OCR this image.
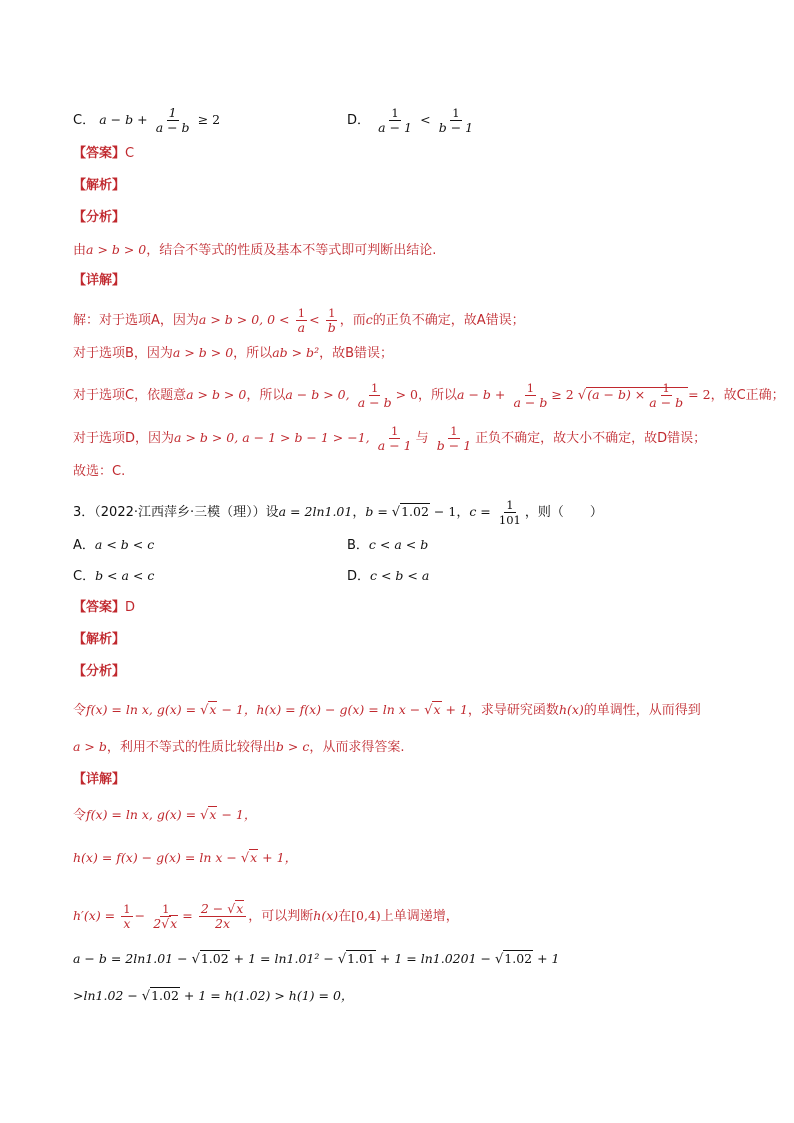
C． $a - b + \frac{1}{a - b} \ge 2$	D． $\frac{1}{a - 1} < \frac{1}{b - 1}$
【答案】C
【解析】
【分析】
由a > b > 0，结合不等式的性质及基本不等式即可判断出结论.
【详解】
解：对于选项A，因为a > b > 0, $0 < \frac{1}{a} < \frac{1}{b}$ ，而c的正负不确定，故A错误；
对于选项B，因为a > b > 0，所以ab > b²，故B错误；
对于选项C，依题意a > b > 0，所以a − b > 0, $\frac{1}{a - b} > 0$，所以$a - b + \frac{1}{a - b} \ge 2$ $√(a - b) \times \frac{1}{a - b} = 2$，故C正确；
对于选项D，因为a > b > 0, a − 1 > b − 1 > −1, $\frac{1}{a - 1}$ 与 $\frac{1}{b - 1}$ 正负不确定，故大小不确定，故D错误；
故选：C.
3．（2022·江西萍乡·三模（理））设a = 2ln1.01，b = √1.02 − 1，$c = \frac{1}{101}$ ，则（　　）
A．a < b < c	B．c < a < b
C．b < a < c	D．c < b < a
【答案】D
【解析】
【分析】
令f(x) = ln x, g(x) = √x − 1，h(x) = f(x) − g(x) = ln x − √x + 1，求导研究函数h(x)的单调性，从而得到
a > b，利用不等式的性质比较得出b > c，从而求得答案.
【详解】
令f(x) = ln x, g(x) = √x − 1，
h(x) = f(x) − g(x) = ln x − √x + 1，
$h'(x) = \frac{1}{x} - \frac{1}{2√x} = \frac{2 - √x}{2x}$ ，可以判断h(x)在[0,4)上单调递增，
a − b = 2ln1.01 − √1.02 + 1 = ln1.01² − √1.01 + 1 = ln1.0201 − √1.02 + 1
>ln1.02 − √1.02 + 1 = h(1.02) > h(1) = 0，
